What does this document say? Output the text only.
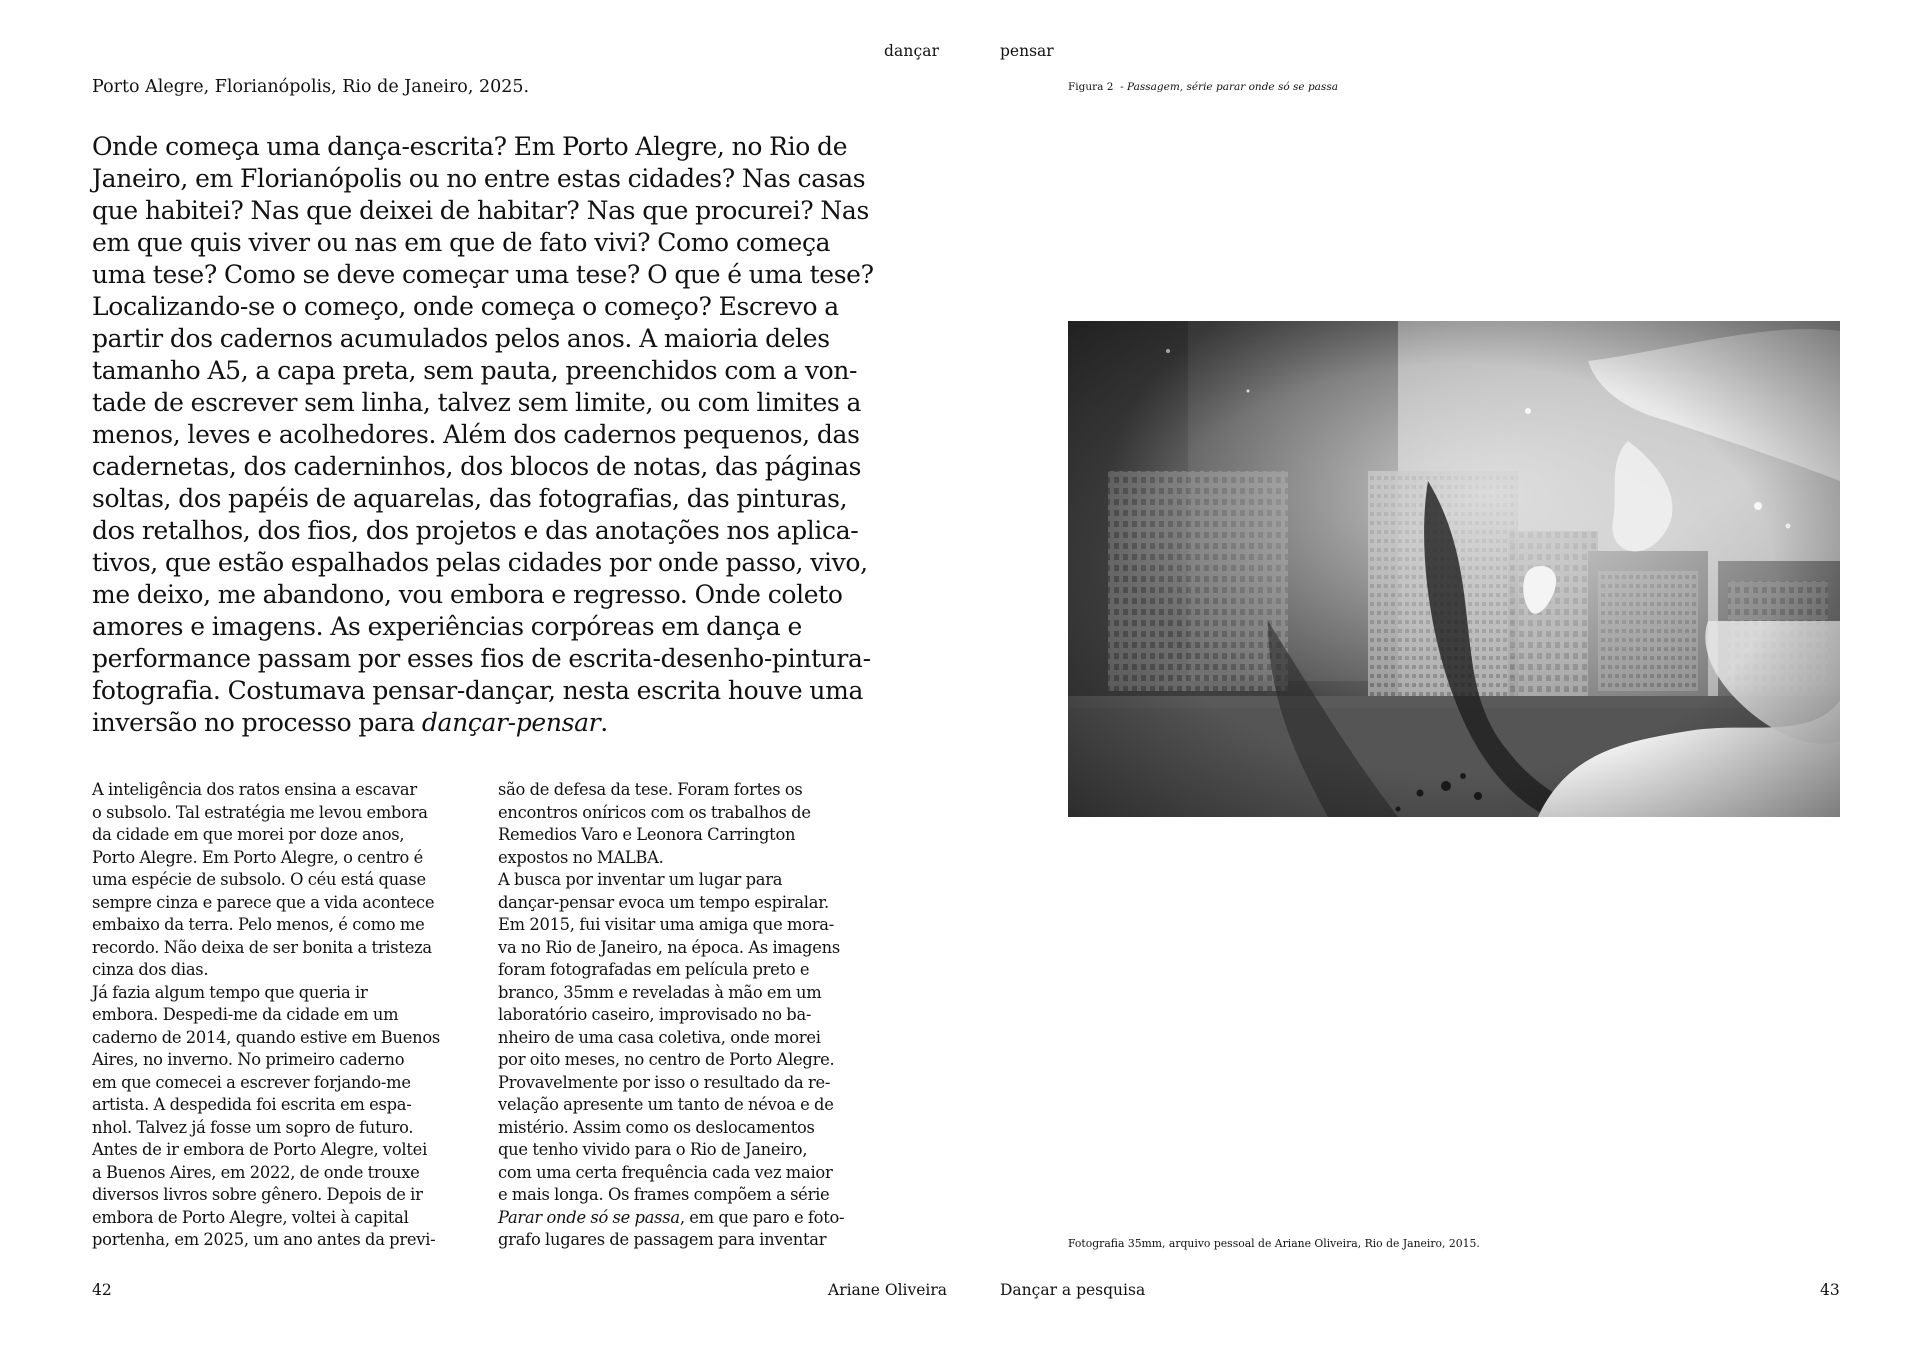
dançar	pensar
Porto Alegre, Florianópolis, Rio de Janeiro, 2025.
Onde começa uma dança-escrita? Em Porto Alegre, no Rio de
Janeiro, em Florianópolis ou no entre estas cidades? Nas casas
que habitei? Nas que deixei de habitar? Nas que procurei? Nas
em que quis viver ou nas em que de fato vivi? Como começa
uma tese? Como se deve começar uma tese? O que é uma tese?
Localizando-se o começo, onde começa o começo? Escrevo a
partir dos cadernos acumulados pelos anos. A maioria deles
tamanho A5, a capa preta, sem pauta, preenchidos com a von-
tade de escrever sem linha, talvez sem limite, ou com limites a
menos, leves e acolhedores. Além dos cadernos pequenos, das
cadernetas, dos caderninhos, dos blocos de notas, das páginas
soltas, dos papéis de aquarelas, das fotografias, das pinturas,
dos retalhos, dos fios, dos projetos e das anotações nos aplica-
tivos, que estão espalhados pelas cidades por onde passo, vivo,
me deixo, me abandono, vou embora e regresso. Onde coleto
amores e imagens. As experiências corpóreas em dança e
performance passam por esses fios de escrita-desenho-pintura-
fotografia. Costumava pensar-dançar, nesta escrita houve uma
inversão no processo para dançar-pensar.
A inteligência dos ratos ensina a escavar
o subsolo. Tal estratégia me levou embora
da cidade em que morei por doze anos,
Porto Alegre. Em Porto Alegre, o centro é
uma espécie de subsolo. O céu está quase
sempre cinza e parece que a vida acontece
embaixo da terra. Pelo menos, é como me
recordo. Não deixa de ser bonita a tristeza
cinza dos dias.
Já fazia algum tempo que queria ir
embora. Despedi-me da cidade em um
caderno de 2014, quando estive em Buenos
Aires, no inverno. No primeiro caderno
em que comecei a escrever forjando-me
artista. A despedida foi escrita em espa-
nhol. Talvez já fosse um sopro de futuro.
Antes de ir embora de Porto Alegre, voltei
a Buenos Aires, em 2022, de onde trouxe
diversos livros sobre gênero. Depois de ir
embora de Porto Alegre, voltei à capital
portenha, em 2025, um ano antes da previ-
são de defesa da tese. Foram fortes os
encontros oníricos com os trabalhos de
Remedios Varo e Leonora Carrington
expostos no MALBA.
A busca por inventar um lugar para
dançar-pensar evoca um tempo espiralar.
Em 2015, fui visitar uma amiga que mora-
va no Rio de Janeiro, na época. As imagens
foram fotografadas em película preto e
branco, 35mm e reveladas à mão em um
laboratório caseiro, improvisado no ba-
nheiro de uma casa coletiva, onde morei
por oito meses, no centro de Porto Alegre.
Provavelmente por isso o resultado da re-
velação apresente um tanto de névoa e de
mistério. Assim como os deslocamentos
que tenho vivido para o Rio de Janeiro,
com uma certa frequência cada vez maior
e mais longa. Os frames compõem a série
Parar onde só se passa, em que paro e foto-
grafo lugares de passagem para inventar
42	Ariane Oliveira
Figura 2  - Passagem, série parar onde só se passa
Fotografia 35mm, arquivo pessoal de Ariane Oliveira, Rio de Janeiro, 2015.
Dançar a pesquisa	43
